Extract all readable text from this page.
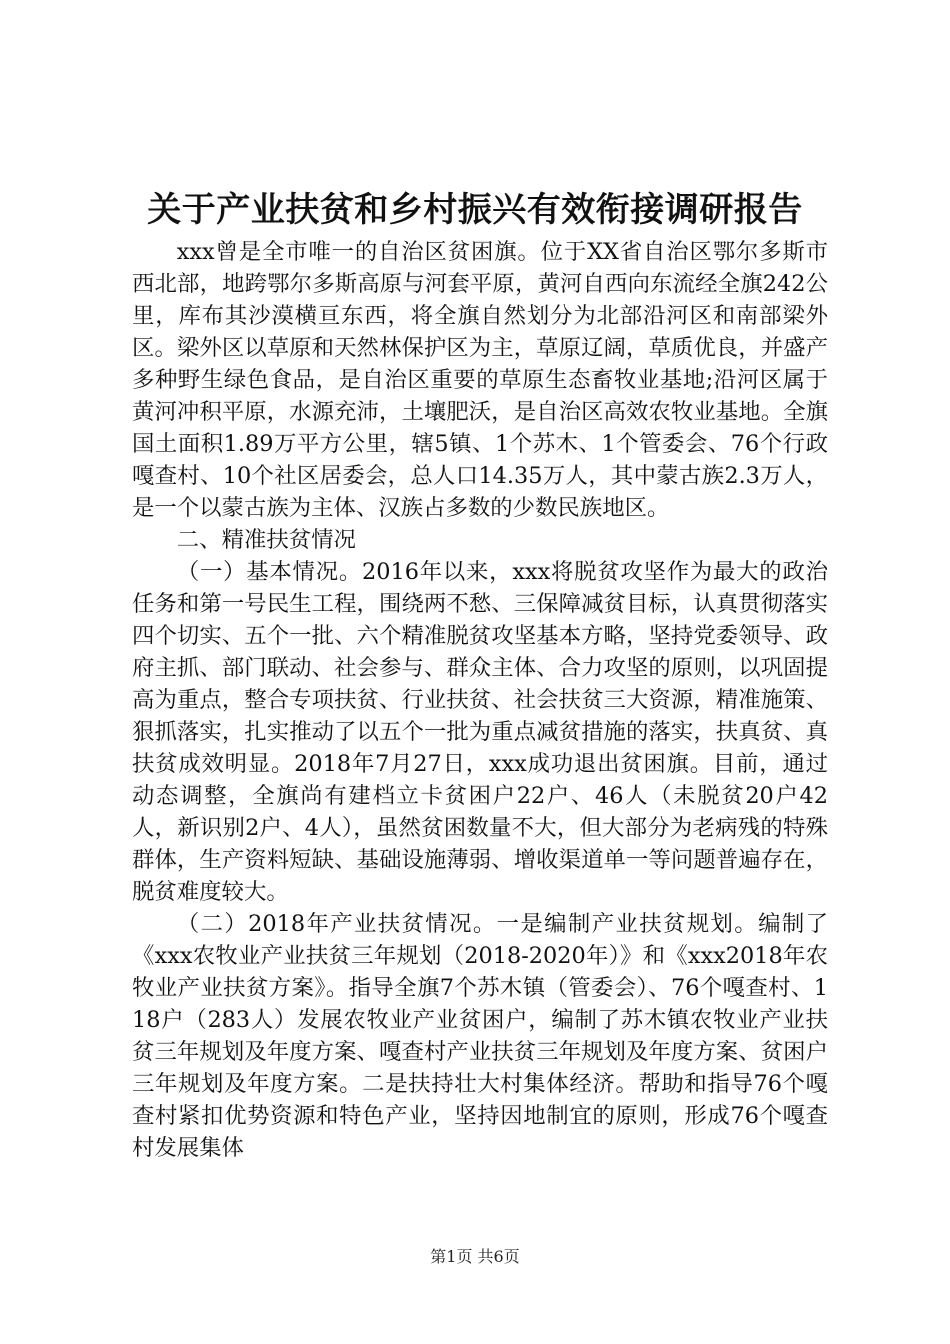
关于产业扶贫和乡村振兴有效衔接调研报告

xxx曾是全市唯一的自治区贫困旗。位于XX省自治区鄂尔多斯市西北部，地跨鄂尔多斯高原与河套平原，黄河自西向东流经全旗242公里，库布其沙漠横亘东西，将全旗自然划分为北部沿河区和南部梁外区。梁外区以草原和天然林保护区为主，草原辽阔，草质优良，并盛产多种野生绿色食品，是自治区重要的草原生态畜牧业基地;沿河区属于黄河冲积平原，水源充沛，土壤肥沃，是自治区高效农牧业基地。全旗国土面积1.89万平方公里，辖5镇、1个苏木、1个管委会、76个行政嘎查村、10个社区居委会，总人口14.35万人，其中蒙古族2.3万人，是一个以蒙古族为主体、汉族占多数的少数民族地区。

二、精准扶贫情况

（一）基本情况。2016年以来，xxx将脱贫攻坚作为最大的政治任务和第一号民生工程，围绕两不愁、三保障减贫目标，认真贯彻落实四个切实、五个一批、六个精准脱贫攻坚基本方略，坚持党委领导、政府主抓、部门联动、社会参与、群众主体、合力攻坚的原则，以巩固提高为重点，整合专项扶贫、行业扶贫、社会扶贫三大资源，精准施策、狠抓落实，扎实推动了以五个一批为重点减贫措施的落实，扶真贫、真扶贫成效明显。2018年7月27日，xxx成功退出贫困旗。目前，通过动态调整，全旗尚有建档立卡贫困户22户、46人（未脱贫20户42人，新识别2户、4人），虽然贫困数量不大，但大部分为老病残的特殊群体，生产资料短缺、基础设施薄弱、增收渠道单一等问题普遍存在，脱贫难度较大。

（二）2018年产业扶贫情况。一是编制产业扶贫规划。编制了《xxx农牧业产业扶贫三年规划（2018-2020年）》和《xxx2018年农牧业产业扶贫方案》。指导全旗7个苏木镇（管委会）、76个嘎查村、118户（283人）发展农牧业产业贫困户，编制了苏木镇农牧业产业扶贫三年规划及年度方案、嘎查村产业扶贫三年规划及年度方案、贫困户三年规划及年度方案。二是扶持壮大村集体经济。帮助和指导76个嘎查村紧扣优势资源和特色产业，坚持因地制宜的原则，形成76个嘎查村发展集体

第1页 共6页
